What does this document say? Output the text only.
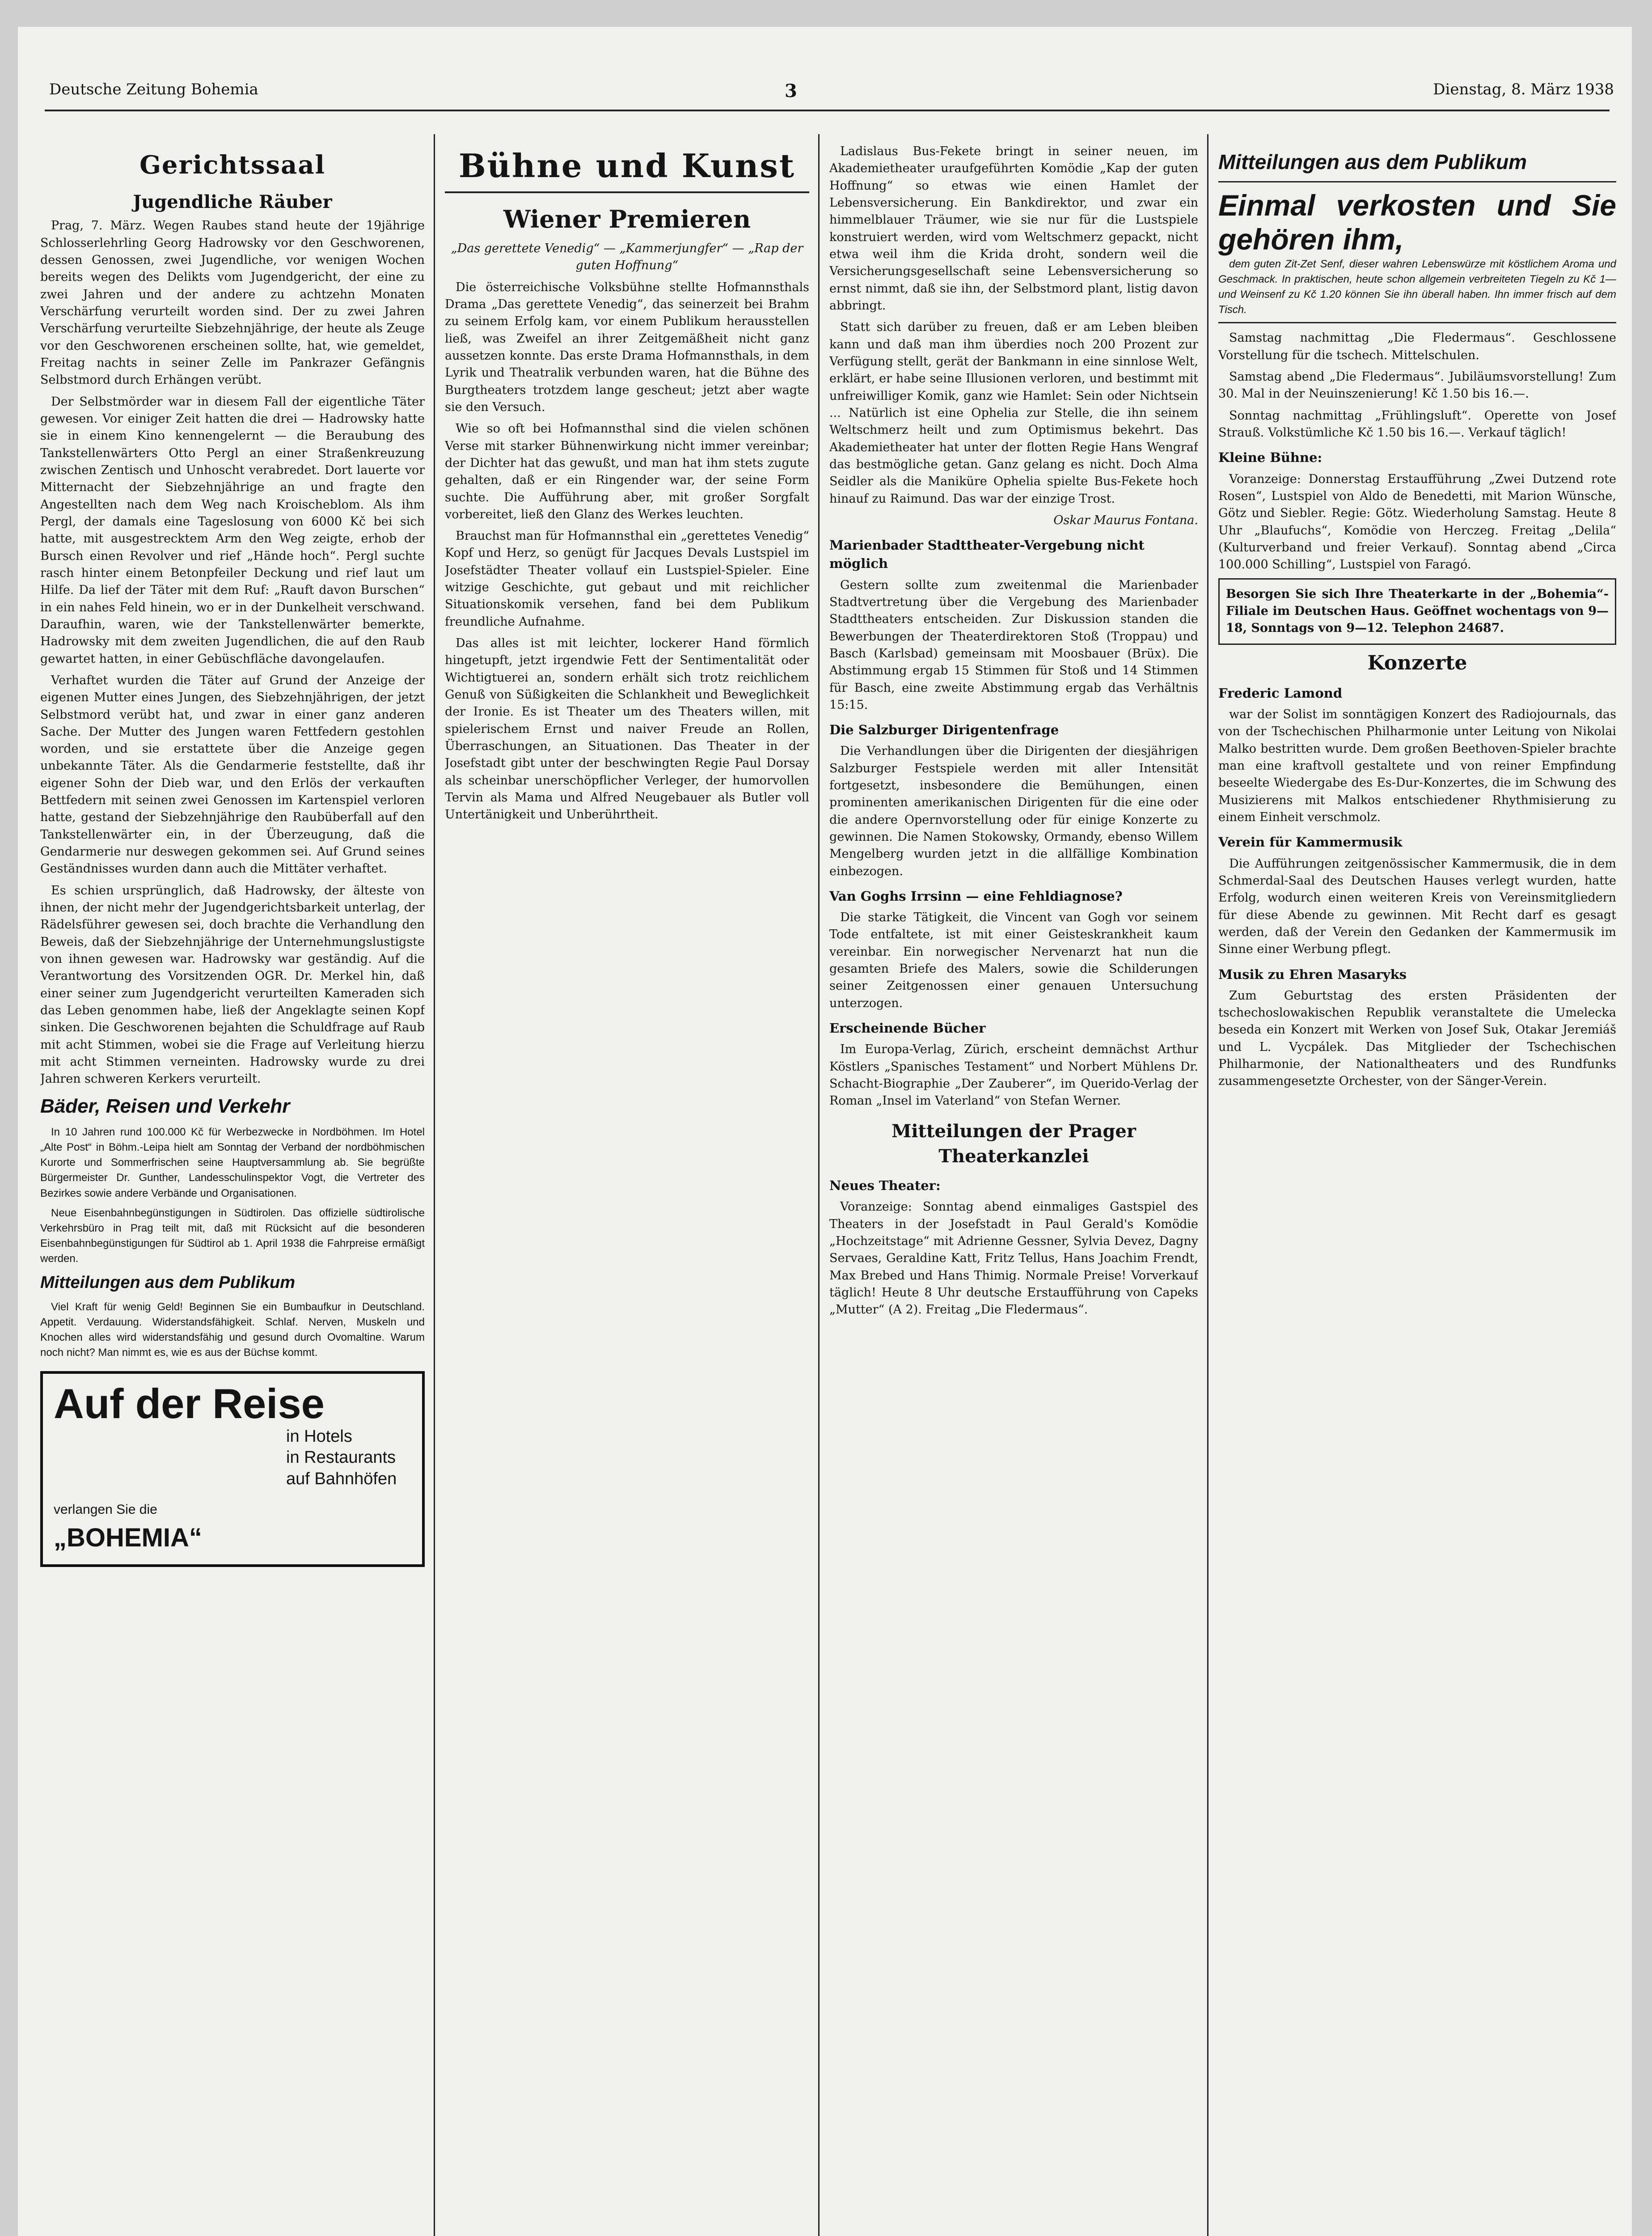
Deutsche Zeitung Bohemia	3	Dienstag, 8. März 1938
Gerichtssaal
Jugendliche Räuber

Prag, 7. März. Wegen Raubes stand heute der 19jährige Schlosserlehrling Georg Hadrowsky vor den Geschworenen, dessen Genossen, zwei Jugendliche, vor wenigen Wochen bereits wegen des Delikts vom Jugendgericht, der eine zu zwei Jahren und der andere zu achtzehn Monaten Verschärfung verurteilt worden sind. Der zu zwei Jahren Verschärfung verurteilte Siebzehnjährige, der heute als Zeuge vor den Geschworenen erscheinen sollte, hat, wie gemeldet, Freitag nachts in seiner Zelle im Pankrazer Gefängnis Selbstmord durch Erhängen verübt.

Der Selbstmörder war in diesem Fall der eigentliche Täter gewesen. Vor einiger Zeit hatten die drei — Hadrowsky hatte sie in einem Kino kennengelernt — die Beraubung des Tankstellenwärters Otto Pergl an einer Straßenkreuzung zwischen Zentisch und Unhoscht verabredet. Dort lauerte vor Mitternacht der Siebzehnjährige an und fragte den Angestellten nach dem Weg nach Kroischeblom. Als ihm Pergl, der damals eine Tageslosung von 6000 Kč bei sich hatte, mit ausgestrecktem Arm den Weg zeigte, erhob der Bursch einen Revolver und rief „Hände hoch“. Pergl suchte rasch hinter einem Betonpfeiler Deckung und rief laut um Hilfe. Da lief der Täter mit dem Ruf: „Rauft davon Burschen“ in ein nahes Feld hinein, wo er in der Dunkelheit verschwand. Daraufhin, waren, wie der Tankstellenwärter bemerkte, Hadrowsky mit dem zweiten Jugendlichen, die auf den Raub gewartet hatten, in einer Gebüschfläche davongelaufen.

Verhaftet wurden die Täter auf Grund der Anzeige der eigenen Mutter eines Jungen, des Siebzehnjährigen, der jetzt Selbstmord verübt hat, und zwar in einer ganz anderen Sache. Der Mutter des Jungen waren Fettfedern gestohlen worden, und sie erstattete über die Anzeige gegen unbekannte Täter. Als die Gendarmerie feststellte, daß ihr eigener Sohn der Dieb war, und den Erlös der verkauften Bettfedern mit seinen zwei Genossen im Kartenspiel verloren hatte, gestand der Siebzehnjährige den Raubüberfall auf den Tankstellenwärter ein, in der Überzeugung, daß die Gendarmerie nur deswegen gekommen sei. Auf Grund seines Geständnisses wurden dann auch die Mittäter verhaftet.

Es schien ursprünglich, daß Hadrowsky, der älteste von ihnen, der nicht mehr der Jugendgerichtsbarkeit unterlag, der Rädelsführer gewesen sei, doch brachte die Verhandlung den Beweis, daß der Siebzehnjährige der Unternehmungslustigste von ihnen gewesen war. Hadrowsky war geständig. Auf die Verantwortung des Vorsitzenden OGR. Dr. Merkel hin, daß einer seiner zum Jugendgericht verurteilten Kameraden sich das Leben genommen habe, ließ der Angeklagte seinen Kopf sinken. Die Geschworenen bejahten die Schuldfrage auf Raub mit acht Stimmen, wobei sie die Frage auf Verleitung hierzu mit acht Stimmen verneinten. Hadrowsky wurde zu drei Jahren schweren Kerkers verurteilt.

Bäder, Reisen und Verkehr

In 10 Jahren rund 100.000 Kč für Werbezwecke in Nordböhmen. Im Hotel „Alte Post“ in Böhm.-Leipa hielt am Sonntag der Verband der nordböhmischen Kurorte und Sommerfrischen seine Hauptversammlung ab. Sie begrüßte Bürgermeister Dr. Gunther, Landesschulinspektor Vogt, die Vertreter des Bezirkes sowie andere Verbände und Organisationen.

Neue Eisenbahnbegünstigungen in Südtirolen. Das offizielle südtirolische Verkehrsbüro in Prag teilt mit, daß mit Rücksicht auf die besonderen Eisenbahnbegünstigungen für Südtirol ab 1. April 1938 die Fahrpreise ermäßigt werden.

Mitteilungen aus dem Publikum

Viel Kraft für wenig Geld! Beginnen Sie ein Bumbaufkur in Deutschland. Appetit. Verdauung. Widerstandsfähigkeit. Schlaf. Nerven, Muskeln und Knochen alles wird widerstandsfähig und gesund durch Ovomaltine. Warum noch nicht? Man nimmt es, wie es aus der Büchse kommt.

Auf der Reise
in Hotels
in Restaurants
auf Bahnhöfen
verlangen Sie die
„BOHEMIA“
Bühne und Kunst
Wiener Premieren
„Das gerettete Venedig“ — „Kammerjungfer“ — „Rap der guten Hoffnung“

Die österreichische Volksbühne stellte Hofmannsthals Drama „Das gerettete Venedig“, das seinerzeit bei Brahm zu seinem Erfolg kam, vor einem Publikum herausstellen ließ, was Zweifel an ihrer Zeitgemäßheit nicht ganz aussetzen konnte. Das erste Drama Hofmannsthals, in dem Lyrik und Theatralik verbunden waren, hat die Bühne des Burgtheaters trotzdem lange gescheut; jetzt aber wagte sie den Versuch.

Wie so oft bei Hofmannsthal sind die vielen schönen Verse mit starker Bühnenwirkung nicht immer vereinbar; der Dichter hat das gewußt, und man hat ihm stets zugute gehalten, daß er ein Ringender war, der seine Form suchte. Die Aufführung aber, mit großer Sorgfalt vorbereitet, ließ den Glanz des Werkes leuchten.

Brauchst man für Hofmannsthal ein „gerettetes Venedig“ Kopf und Herz, so genügt für Jacques Devals Lustspiel im Josefstädter Theater vollauf ein Lustspiel-Spieler. Eine witzige Geschichte, gut gebaut und mit reichlicher Situationskomik versehen, fand bei dem Publikum freundliche Aufnahme.

Das alles ist mit leichter, lockerer Hand förmlich hingetupft, jetzt irgendwie Fett der Sentimentalität oder Wichtigtuerei an, sondern erhält sich trotz reichlichem Genuß von Süßigkeiten die Schlankheit und Beweglichkeit der Ironie. Es ist Theater um des Theaters willen, mit spielerischem Ernst und naiver Freude an Rollen, Überraschungen, an Situationen. Das Theater in der Josefstadt gibt unter der beschwingten Regie Paul Dorsay als scheinbar unerschöpflicher Verleger, der humorvollen Tervin als Mama und Alfred Neugebauer als Butler voll Untertänigkeit und Unberührtheit.

Ladislaus Bus-Fekete bringt in seiner neuen, im Akademietheater uraufgeführten Komödie „Kap der guten Hoffnung“ so etwas wie einen Hamlet der Lebensversicherung. Ein Bankdirektor, und zwar ein himmelblauer Träumer, wie sie nur für die Lustspiele konstruiert werden, wird vom Weltschmerz gepackt, nicht etwa weil ihm die Krida droht, sondern weil die Versicherungsgesellschaft seine Lebensversicherung so ernst nimmt, daß sie ihn, der Selbstmord plant, listig davon abbringt.

Statt sich darüber zu freuen, daß er am Leben bleiben kann und daß man ihm überdies noch 200 Prozent zur Verfügung stellt, gerät der Bankmann in eine sinnlose Welt, erklärt, er habe seine Illusionen verloren, und bestimmt mit unfreiwilliger Komik, ganz wie Hamlet: Sein oder Nichtsein ... Natürlich ist eine Ophelia zur Stelle, die ihn seinem Weltschmerz heilt und zum Optimismus bekehrt. Das Akademietheater hat unter der flotten Regie Hans Wengraf das bestmögliche getan. Ganz gelang es nicht. Doch Alma Seidler als die Maniküre Ophelia spielte Bus-Fekete hoch hinauf zu Raimund. Das war der einzige Trost.

Oskar Maurus Fontana.
Marienbader Stadttheater-Vergebung nicht möglich

Gestern sollte zum zweitenmal die Marienbader Stadtvertretung über die Vergebung des Marienbader Stadttheaters entscheiden. Zur Diskussion standen die Bewerbungen der Theaterdirektoren Stoß (Troppau) und Basch (Karlsbad) gemeinsam mit Moosbauer (Brüx). Die Abstimmung ergab 15 Stimmen für Stoß und 14 Stimmen für Basch, eine zweite Abstimmung ergab das Verhältnis 15:15.

Die Salzburger Dirigentenfrage

Die Verhandlungen über die Dirigenten der diesjährigen Salzburger Festspiele werden mit aller Intensität fortgesetzt, insbesondere die Bemühungen, einen prominenten amerikanischen Dirigenten für die eine oder die andere Opernvorstellung oder für einige Konzerte zu gewinnen. Die Namen Stokowsky, Ormandy, ebenso Willem Mengelberg wurden jetzt in die allfällige Kombination einbezogen.

Van Goghs Irrsinn — eine Fehldiagnose?

Die starke Tätigkeit, die Vincent van Gogh vor seinem Tode entfaltete, ist mit einer Geisteskrankheit kaum vereinbar. Ein norwegischer Nervenarzt hat nun die gesamten Briefe des Malers, sowie die Schilderungen seiner Zeitgenossen einer genauen Untersuchung unterzogen.

Erscheinende Bücher

Im Europa-Verlag, Zürich, erscheint demnächst Arthur Köstlers „Spanisches Testament“ und Norbert Mühlens Dr. Schacht-Biographie „Der Zauberer“, im Querido-Verlag der Roman „Insel im Vaterland“ von Stefan Werner.

Mitteilungen der Prager Theaterkanzlei
Neues Theater:

Voranzeige: Sonntag abend einmaliges Gastspiel des Theaters in der Josefstadt in Paul Gerald's Komödie „Hochzeitstage“ mit Adrienne Gessner, Sylvia Devez, Dagny Servaes, Geraldine Katt, Fritz Tellus, Hans Joachim Frendt, Max Brebed und Hans Thimig. Normale Preise! Vorverkauf täglich! Heute 8 Uhr deutsche Erstaufführung von Capeks „Mutter“ (A 2). Freitag „Die Fledermaus“.

Mitteilungen aus dem Publikum
Einmal verkosten und Sie gehören ihm,

dem guten Zit-Zet Senf, dieser wahren Lebenswürze mit köstlichem Aroma und Geschmack. In praktischen, heute schon allgemein verbreiteten Tiegeln zu Kč 1— und Weinsenf zu Kč 1.20 können Sie ihn überall haben. Ihn immer frisch auf dem Tisch.

Samstag nachmittag „Die Fledermaus“. Geschlossene Vorstellung für die tschech. Mittelschulen.

Samstag abend „Die Fledermaus“. Jubiläumsvorstellung! Zum 30. Mal in der Neuinszenierung! Kč 1.50 bis 16.—.

Sonntag nachmittag „Frühlingsluft“. Operette von Josef Strauß. Volkstümliche Kč 1.50 bis 16.—. Verkauf täglich!

Kleine Bühne:

Voranzeige: Donnerstag Erstaufführung „Zwei Dutzend rote Rosen“, Lustspiel von Aldo de Benedetti, mit Marion Wünsche, Götz und Siebler. Regie: Götz. Wiederholung Samstag. Heute 8 Uhr „Blaufuchs“, Komödie von Herczeg. Freitag „Delila“ (Kulturverband und freier Verkauf). Sonntag abend „Circa 100.000 Schilling“, Lustspiel von Faragó.

Besorgen Sie sich Ihre Theaterkarte in der „Bohemia“-Filiale im Deutschen Haus. Geöffnet wochentags von 9—18, Sonntags von 9—12. Telephon 24687.
Konzerte
Frederic Lamond

war der Solist im sonntägigen Konzert des Radiojournals, das von der Tschechischen Philharmonie unter Leitung von Nikolai Malko bestritten wurde. Dem großen Beethoven-Spieler brachte man eine kraftvoll gestaltete und von reiner Empfindung beseelte Wiedergabe des Es-Dur-Konzertes, die im Schwung des Musizierens mit Malkos entschiedener Rhythmisierung zu einem Einheit verschmolz.

Verein für Kammermusik

Die Aufführungen zeitgenössischer Kammermusik, die in dem Schmerdal-Saal des Deutschen Hauses verlegt wurden, hatte Erfolg, wodurch einen weiteren Kreis von Vereinsmitgliedern für diese Abende zu gewinnen. Mit Recht darf es gesagt werden, daß der Verein den Gedanken der Kammermusik im Sinne einer Werbung pflegt.

Musik zu Ehren Masaryks

Zum Geburtstag des ersten Präsidenten der tschechoslowakischen Republik veranstaltete die Umelecka beseda ein Konzert mit Werken von Josef Suk, Otakar Jeremiáš und L. Vycpálek. Das Mitglieder der Tschechischen Philharmonie, der Nationaltheaters und des Rundfunks zusammengesetzte Orchester, von der Sänger-Verein.
